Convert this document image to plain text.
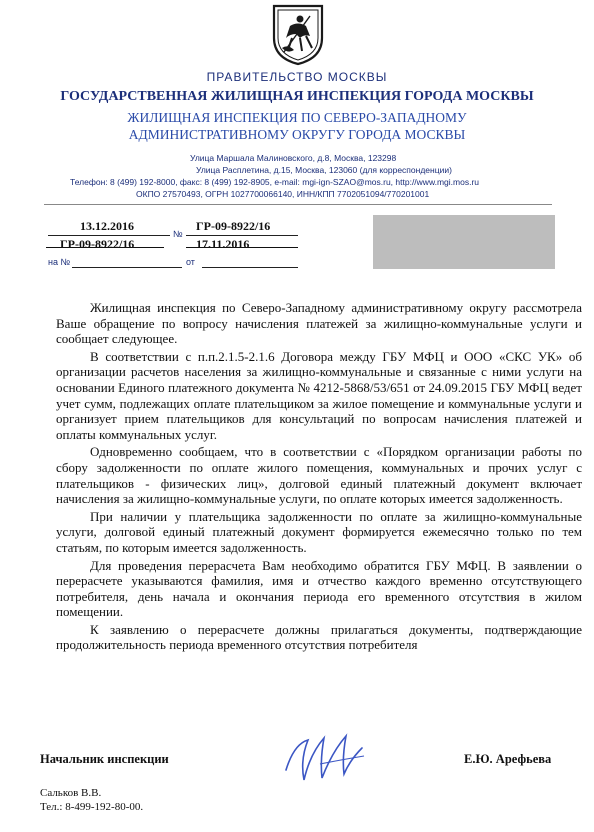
ПРАВИТЕЛЬСТВО МОСКВЫ
ГОСУДАРСТВЕННАЯ ЖИЛИЩНАЯ ИНСПЕКЦИЯ ГОРОДА МОСКВЫ
ЖИЛИЩНАЯ ИНСПЕКЦИЯ ПО СЕВЕРО-ЗАПАДНОМУ
АДМИНИСТРАТИВНОМУ ОКРУГУ ГОРОДА МОСКВЫ
Улица Маршала Малиновского, д.8, Москва, 123298
Улица Расплетина, д.15, Москва, 123060 (для корреспонденции)
Телефон: 8 (499) 192-8000, факс: 8 (499) 192-8905, e-mail: mgi-ign-SZAO@mos.ru, http://www.mgi.mos.ru
ОКПО 27570493, ОГРН 1027700066140, ИНН/КПП 7702051094/770201001
13.12.2016
№
ГР-09-8922/16
ГР-09-8922/16	17.11.2016
на №	от

Жилищная инспекция по Северо-Западному административному округу рассмотрела Ваше обращение по вопросу начисления платежей за жилищно-коммунальные услуги и сообщает следующее.

В соответствии с п.п.2.1.5-2.1.6 Договора между ГБУ МФЦ и ООО «СКС УК» об организации расчетов населения за жилищно-коммунальные и связанные с ними услуги на основании Единого платежного документа № 4212-5868/53/651 от 24.09.2015 ГБУ МФЦ ведет учет сумм, подлежащих оплате плательщиком за жилое помещение и коммунальные услуги и организует прием плательщиков для консультаций по вопросам начисления платежей и оплаты коммунальных услуг.

Одновременно сообщаем, что в соответствии с «Порядком организации работы по сбору задолженности по оплате жилого помещения, коммунальных и прочих услуг с плательщиков - физических лиц», долговой единый платежный документ включает начисления за жилищно-коммунальные услуги, по оплате которых имеется задолженность.

При наличии у плательщика задолженности по оплате за жилищно-коммунальные услуги, долговой единый платежный документ формируется ежемесячно только по тем статьям, по которым имеется задолженность.

Для проведения перерасчета Вам необходимо обратится ГБУ МФЦ. В заявлении о перерасчете указываются фамилия, имя и отчество каждого временно отсутствующего потребителя, день начала и окончания периода его временного отсутствия в жилом помещении.

К заявлению о перерасчете должны прилагаться документы, подтверждающие продолжительность периода временного отсутствия потребителя

Начальник инспекции	Е.Ю. Арефьева
Сальков В.В.
Тел.: 8-499-192-80-00.
